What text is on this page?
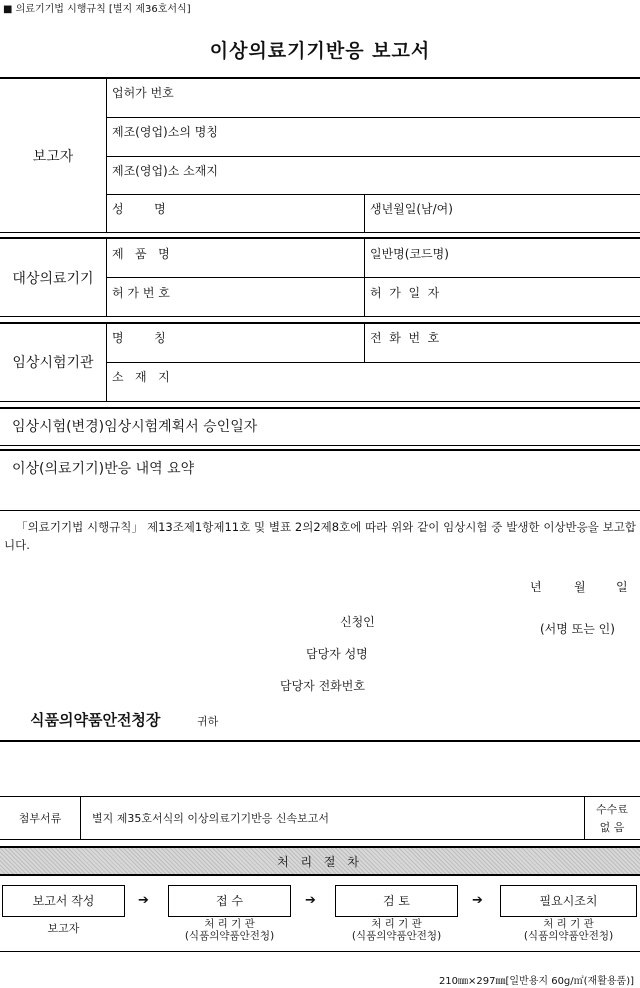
■ 의료기기법 시행규칙 [별지 제36호서식]
이상의료기기반응 보고서
보고자
업허가 번호
제조(영업)소의 명칭
제조(영업)소 소재지
성        명	생년월일(남/여)
대상의료기기
제   품   명	일반명(코드명)
허 가 번 호	허  가  일  자
임상시험기관
명        칭	전  화  번  호
소   재   지
임상시험(변경)임상시험계획서 승인일자
이상(의료기기)반응 내역 요약
「의료기기법 시행규칙」 제13조제1항제11호 및 별표 2의2제8호에 따라 위와 같이 임상시험 중 발생한 이상반응을 보고합니다.
년	월	일
신청인	(서명 또는 인)
담당자 성명
담당자 전화번호
식품의약품안전청장	귀하
첨부서류	별지 제35호서식의 이상의료기기반응 신속보고서
수수료
없 음
처 리 절 차
보고서 작성	➔	접 수	➔	검 토	➔	필요시조치
보고자	처 리 기 관
(식품의약품안전청)
처 리 기 관
(식품의약품안전청)
처 리 기 관
(식품의약품안전청)
210㎜×297㎜[일반용지 60g/㎡(재활용품)]
